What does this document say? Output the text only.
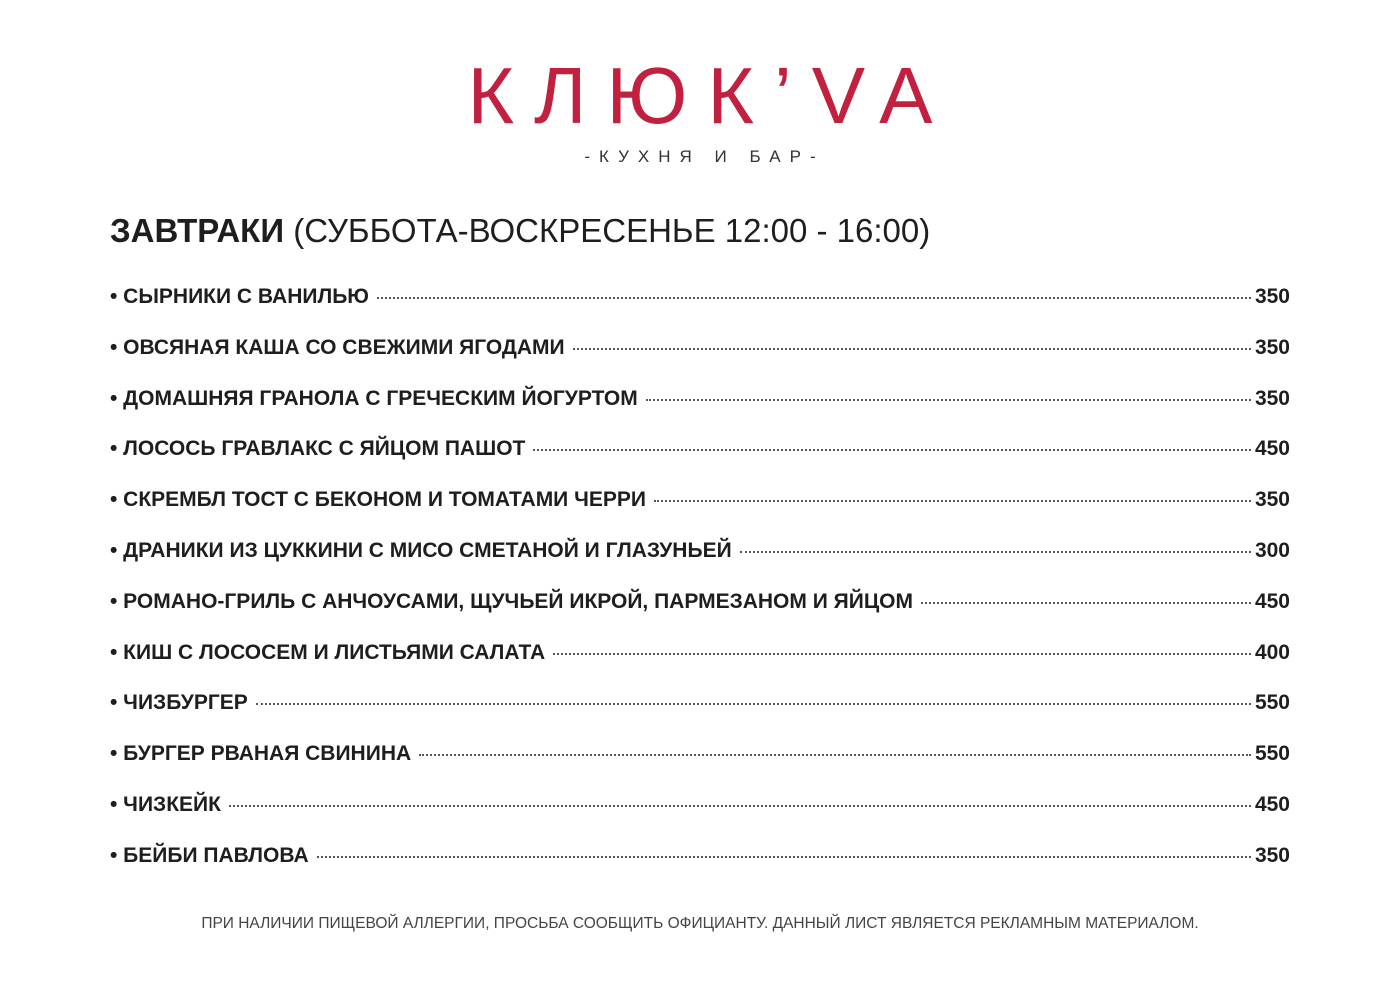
КЛЮК’VA
-КУХНЯ И БАР-
ЗАВТРАКИ (СУББОТА-ВОСКРЕСЕНЬЕ 12:00 - 16:00)
• СЫРНИКИ С ВАНИЛЬЮ	350
• ОВСЯНАЯ КАША СО СВЕЖИМИ ЯГОДАМИ	350
• ДОМАШНЯЯ ГРАНОЛА С ГРЕЧЕСКИМ ЙОГУРТОМ	350
• ЛОСОСЬ ГРАВЛАКС С ЯЙЦОМ ПАШОТ	450
• СКРЕМБЛ ТОСТ С БЕКОНОМ И ТОМАТАМИ ЧЕРРИ	350
• ДРАНИКИ ИЗ ЦУККИНИ С МИСО СМЕТАНОЙ И ГЛАЗУНЬЕЙ	300
• РОМАНО-ГРИЛЬ С АНЧОУСАМИ, ЩУЧЬЕЙ ИКРОЙ, ПАРМЕЗАНОМ И ЯЙЦОМ	450
• КИШ С ЛОСОСЕМ И ЛИСТЬЯМИ САЛАТА	400
• ЧИЗБУРГЕР	550
• БУРГЕР РВАНАЯ СВИНИНА	550
• ЧИЗКЕЙК	450
• БЕЙБИ ПАВЛОВА	350
ПРИ НАЛИЧИИ ПИЩЕВОЙ АЛЛЕРГИИ, ПРОСЬБА СООБЩИТЬ ОФИЦИАНТУ. ДАННЫЙ ЛИСТ ЯВЛЯЕТСЯ РЕКЛАМНЫМ МАТЕРИАЛОМ.
